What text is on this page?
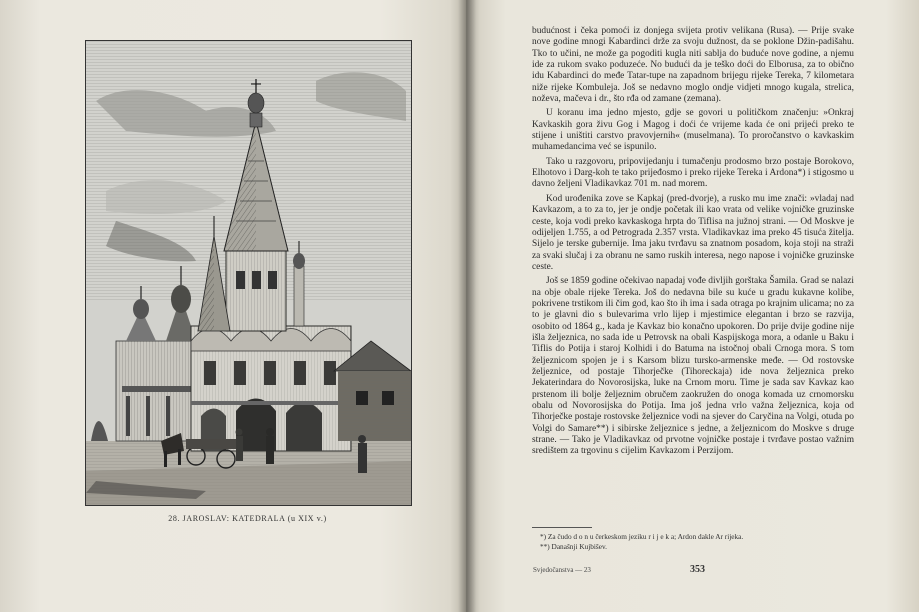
28. JAROSLAV: KATEDRALA (u XIX v.)

budućnost i čeka pomoći iz donjega svijeta protiv velikana (Rusa). — Prije svake nove godine mnogi Kabardinci drže za svoju dužnost, da se poklone Džin-padišahu. Tko to učini, ne može ga pogoditi kugla niti sablja do buduće nove godine, a njemu ide za rukom svako poduzeće. No budući da je teško doći do Elborusa, za to obično idu Kabardinci do međe Tatar-tupe na zapadnom brijegu rijeke Tereka, 7 kilometara niže rijeke Kombuleja. Još se nedavno moglo ondje vidjeti mnogo kugala, strelica, noževa, mačeva i dr., što rđa od zamane (zemana).

U koranu ima jedno mjesto, gdje se govori u političkom značenju: »Onkraj Kavkaskih gora živu Gog i Magog i doći će vrijeme kada će oni prijeći preko te stijene i uništiti carstvo pravovjernih« (muselmana). To proročanstvo o kavkaskim muhamedancima već se ispunilo.

Tako u razgovoru, pripovijedanju i tumačenju prodosmo brzo postaje Borokovo, Elhotovo i Darg-koh te tako prijeđosmo i preko rijeke Tereka i Ardona*) i stigosmo u davno željeni Vladikavkaz 701 m. nad morem.

Kod urođenika zove se Kapkaj (pred-dvorje), a rusko mu ime znači: »vladaj nad Kavkazom, a to za to, jer je ondje početak ili kao vrata od velike vojničke gruzinske ceste, koja vodi preko kavkaskoga hrpta do Tiflisa na južnoj strani. — Od Moskve je odijeljen 1.755, a od Petrograda 2.357 vrsta. Vladikavkaz ima preko 45 tisuća žitelja. Sijelo je terske gubernije. Ima jaku tvrđavu sa znatnom posadom, koja stoji na straži za svaki slučaj i za obranu ne samo ruskih interesa, nego napose i vojničke gruzinske ceste.

Još se 1859 godine očekivao napadaj vođe divljih gorštaka Šamila. Grad se nalazi na obje obale rijeke Tereka. Još do nedavna bile su kuće u gradu kukavne kolibe, pokrivene trstikom ili čim god, kao što ih ima i sada otraga po krajnim ulicama; no za to je glavni dio s bulevarima vrlo lijep i mjestimice elegantan i brzo se razvija, osobito od 1864 g., kada je Kavkaz bio konačno upokoren. Do prije dvije godine nije išla željeznica, no sada ide u Petrovsk na obali Kaspijskoga mora, a odanle u Baku i Tiflis do Potija i staroj Kolhidi i do Batuma na istočnoj obali Crnoga mora. S tom željeznicom spojen je i s Karsom blizu tursko-armenske međe. — Od rostovske željeznice, od postaje Tihorječke (Tihoreckaja) ide nova željeznica preko Jekaterindara do Novorosijska, luke na Crnom moru. Time je sada sav Kavkaz kao prstenom ili bolje željeznim obručem zaokružen do onoga komada uz crnomorsku obalu od Novorosijska do Potija. Ima još jedna vrlo važna željeznica, koja od Tihorječke postaje rostovske željeznice vodi na sjever do Caryčina na Volgi, otuda po Volgi do Samare**) i sibirske željeznice s jedne, a željeznicom do Moskve s druge strane. — Tako je Vladikavkaz od prvotne vojničke postaje i tvrđave postao važnim središtem za trgovinu s cijelim Kavkazom i Perzijom.

*) Za čudo d o n u čerkeskom jeziku r i j e k a; Ardon dakle Ar rijeka.
**) Današnji Kujbišev.
Svjedočanstva — 23	353
